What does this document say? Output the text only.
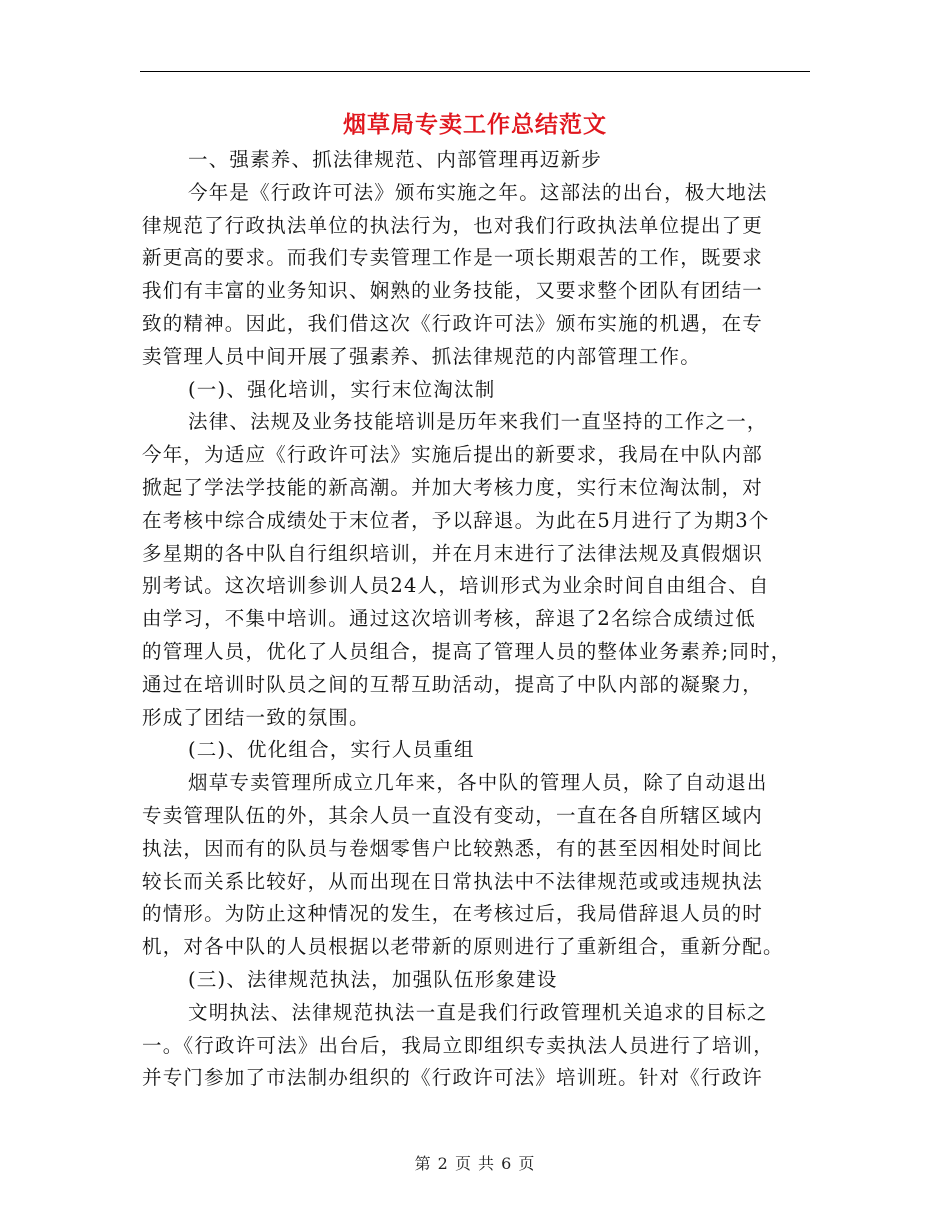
烟草局专卖工作总结范文
一、强素养、抓法律规范、内部管理再迈新步
今年是《行政许可法》颁布实施之年。这部法的出台，极大地法
律规范了行政执法单位的执法行为，也对我们行政执法单位提出了更
新更高的要求。而我们专卖管理工作是一项长期艰苦的工作，既要求
我们有丰富的业务知识、娴熟的业务技能，又要求整个团队有团结一
致的精神。因此，我们借这次《行政许可法》颁布实施的机遇，在专
卖管理人员中间开展了强素养、抓法律规范的内部管理工作。
(一)、强化培训，实行末位淘汰制
法律、法规及业务技能培训是历年来我们一直坚持的工作之一，
今年，为适应《行政许可法》实施后提出的新要求，我局在中队内部
掀起了学法学技能的新高潮。并加大考核力度，实行末位淘汰制，对
在考核中综合成绩处于末位者，予以辞退。为此在5月进行了为期3个
多星期的各中队自行组织培训，并在月末进行了法律法规及真假烟识
别考试。这次培训参训人员24人，培训形式为业余时间自由组合、自
由学习，不集中培训。通过这次培训考核，辞退了2名综合成绩过低
的管理人员，优化了人员组合，提高了管理人员的整体业务素养;同时，
通过在培训时队员之间的互帮互助活动，提高了中队内部的凝聚力，
形成了团结一致的氛围。
(二)、优化组合，实行人员重组
烟草专卖管理所成立几年来，各中队的管理人员，除了自动退出
专卖管理队伍的外，其余人员一直没有变动，一直在各自所辖区域内
执法，因而有的队员与卷烟零售户比较熟悉，有的甚至因相处时间比
较长而关系比较好，从而出现在日常执法中不法律规范或或违规执法
的情形。为防止这种情况的发生，在考核过后，我局借辞退人员的时
机，对各中队的人员根据以老带新的原则进行了重新组合，重新分配。
(三)、法律规范执法，加强队伍形象建设
文明执法、法律规范执法一直是我们行政管理机关追求的目标之
一。《行政许可法》出台后，我局立即组织专卖执法人员进行了培训，
并专门参加了市法制办组织的《行政许可法》培训班。针对《行政许
第 2 页 共 6 页
